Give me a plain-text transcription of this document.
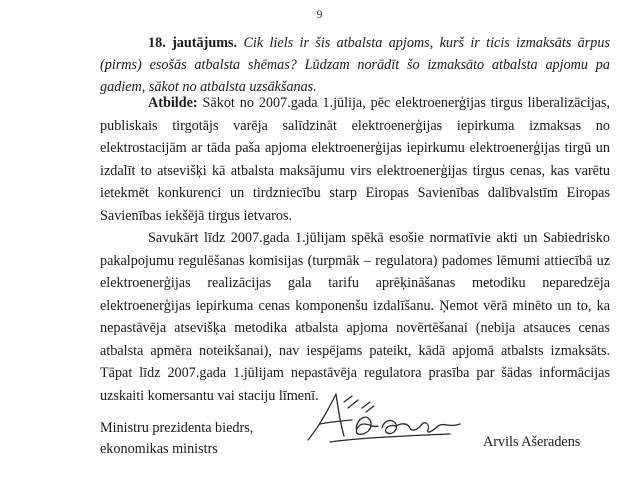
9
18. jautājums. Cik liels ir šis atbalsta apjoms, kurš ir ticis izmaksāts ārpus (pirms) esošās atbalsta shēmas? Lūdzam norādīt šo izmaksāto atbalsta apjomu pa gadiem, sākot no atbalsta uzsākšanas.

Atbilde: Sākot no 2007.gada 1.jūlija, pēc elektroenerģijas tirgus liberalizācijas, publiskais tirgotājs varēja salīdzināt elektroenerģijas iepirkuma izmaksas no elektrostacijām ar tāda paša apjoma elektroenerģijas iepirkumu elektroenerģijas tirgū un izdalīt to atsevišķi kā atbalsta maksājumu virs elektroenerģijas tirgus cenas, kas varētu ietekmēt konkurenci un tirdzniecību starp Eiropas Savienības dalībvalstīm Eiropas Savienības iekšējā tirgus ietvaros.

Savukārt līdz 2007.gada 1.jūlijam spēkā esošie normatīvie akti un Sabiedrisko pakalpojumu regulēšanas komisijas (turpmāk – regulatora) padomes lēmumi attiecībā uz elektroenerģijas realizācijas gala tarifu aprēķināšanas metodiku neparedzēja elektroenerģijas iepirkuma cenas komponenšu izdalīšanu. Ņemot vērā minēto un to, ka nepastāvēja atsevišķa metodika atbalsta apjoma novērtēšanai (nebija atsauces cenas atbalsta apmēra noteikšanai), nav iespējams pateikt, kādā apjomā atbalsts izmaksāts. Tāpat līdz 2007.gada 1.jūlijam nepastāvēja regulatora prasība par šādas informācijas uzskaiti komersantu vai staciju līmenī.

Ministru prezidenta biedrs,
ekonomikas ministrs	Arvils Ašeradens
